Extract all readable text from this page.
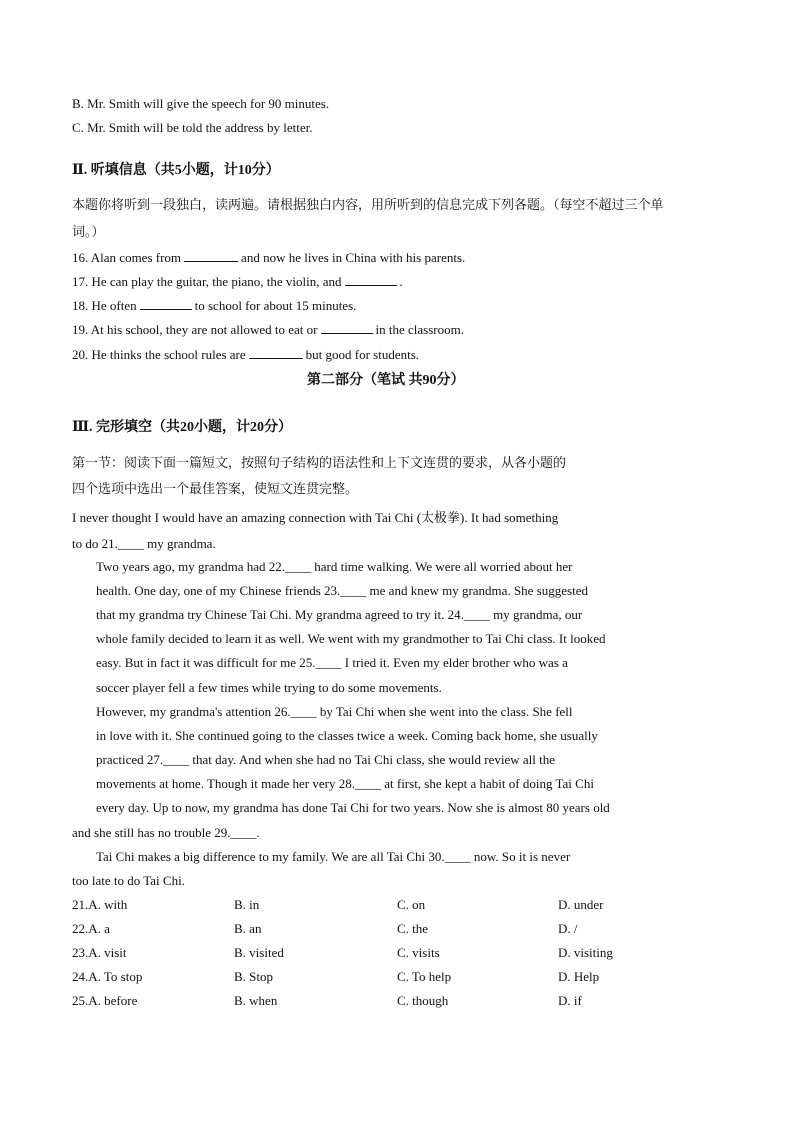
B. Mr. Smith will give the speech for 90 minutes.
C. Mr. Smith will be told the address by letter.
Ⅱ. 听填信息（共5小题，计10分）
本题你将听到一段独白，读两遍。请根据独白内容，用所听到的信息完成下列各题。（每空不超过三个单
词。）
16. Alan comes from	and now he lives in China with his parents.
17. He can play the guitar, the piano, the violin, and	.
18. He often	to school for about 15 minutes.
19. At his school, they are not allowed to eat or	in the classroom.
20. He thinks the school rules are	but good for students.
第二部分（笔试 共90分）
Ⅲ. 完形填空（共20小题，计20分）
第一节：阅读下面一篇短文，按照句子结构的语法性和上下文连贯的要求，从各小题的
四个选项中选出一个最佳答案，使短文连贯完整。
I never thought I would have an amazing connection with Tai Chi (太极拳). It had something
to do 21.____ my grandma.
Two years ago, my grandma had 22.____ hard time walking. We were all worried about her
health. One day, one of my Chinese friends 23.____ me and knew my grandma. She suggested
that my grandma try Chinese Tai Chi. My grandma agreed to try it. 24.____ my grandma, our
whole family decided to learn it as well. We went with my grandmother to Tai Chi class. It looked
easy. But in fact it was difficult for me 25.____ I tried it. Even my elder brother who was a
soccer player fell a few times while trying to do some movements.
However, my grandma's attention 26.____ by Tai Chi when she went into the class. She fell
in love with it. She continued going to the classes twice a week. Coming back home, she usually
practiced 27.____ that day. And when she had no Tai Chi class, she would review all the
movements at home. Though it made her very 28.____ at first, she kept a habit of doing Tai Chi
every day. Up to now, my grandma has done Tai Chi for two years. Now she is almost 80 years old
and she still has no trouble 29.____.
Tai Chi makes a big difference to my family. We are all Tai Chi 30.____ now. So it is never
too late to do Tai Chi.
21.A. with	B. in	C. on	D. under
22.A. a	B. an	C. the	D. /
23.A. visit	B. visited	C. visits	D. visiting
24.A. To stop	B. Stop	C. To help	D. Help
25.A. before	B. when	C. though	D. if
